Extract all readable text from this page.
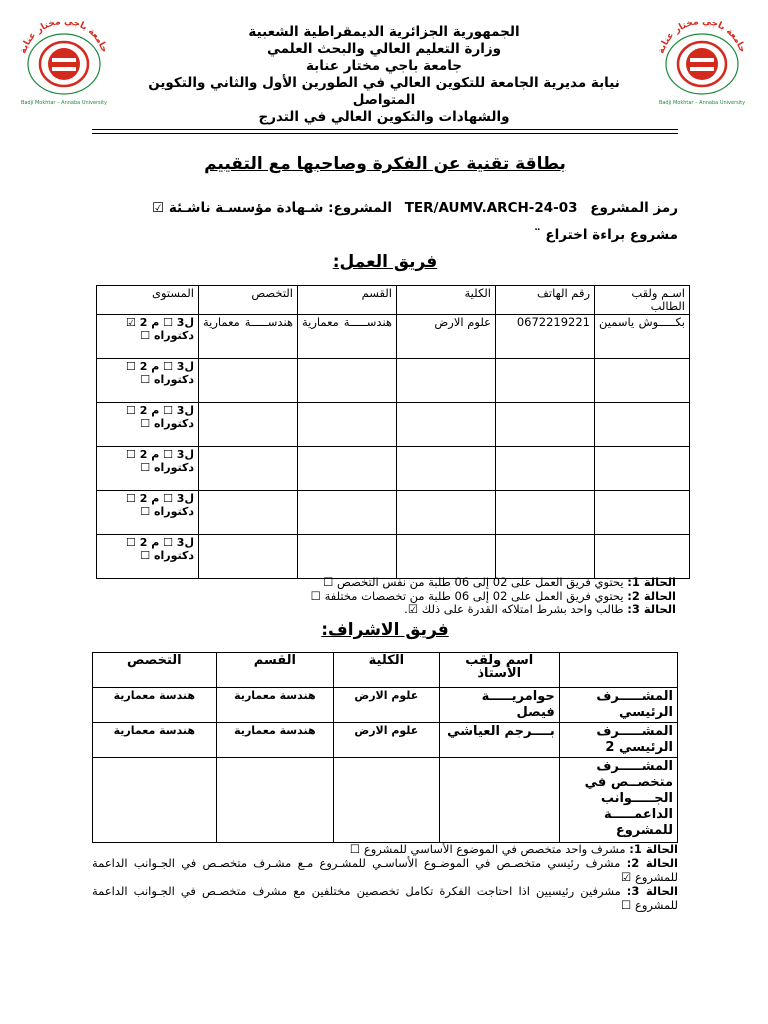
جامعة باجي مختار عنابة
Badji Mokhtar – Annaba University
جامعة باجي مختار عنابة
Badji Mokhtar – Annaba University
الجمهورية الجزائرية الديمقراطية الشعبية
وزارة التعليم العالي والبحث العلمي
جامعة باجي مختار عنابة
نيابة مديرية الجامعة للتكوين العالي في الطورين الأول والثاني والتكوين
المتواصل
والشهادات والتكوين العالي في التدرج
بطاقة تقنية عن الفكرة وصاحبها مع التقييم
رمز المشروع TER/AUMV.ARCH-24-03 المشروع: شـهادة مؤسسـة ناشـئة ☑
مشروع براءة اختراع ¨
فريق العمل:
اسـم ولقب الطالب	رقم الهاتف	الكلية	القسم	التخصص	المستوى
بكـــــوش ياسمين	0672219221	علوم الارض	هندســـــة معمارية	هندســـــة معمارية	ل3 ☐ م 2 ☑ دكتوراه ☐
					ل3 ☐ م 2 ☐ دكتوراه ☐
					ل3 ☐ م 2 ☐ دكتوراه ☐
					ل3 ☐ م 2 ☐ دكتوراه ☐
					ل3 ☐ م 2 ☐ دكتوراه ☐
					ل3 ☐ م 2 ☐ دكتوراه ☐
الحالة 1: يحتوي فريق العمل على 02 إلى 06 طلبة من نفس التخصص ☐
الحالة 2: يحتوي فريق العمل على 02 إلى 06 طلبة من تخصصات مختلفة ☐
الحالة 3: طالب واحد بشرط امتلاكه القدرة على ذلك ☑.
فريق الاشراف:
	اسم ولقب الأستاذ	الكلية	القسم	التخصص
المشـــــرف الرئيسي	حوامريـــــة فيصل	علوم الارض	هندسة معمارية	هندسة معمارية
المشـــــرف الرئيسي 2	بــــرجم العياشي	علوم الارض	هندسة معمارية	هندسة معمارية
المشـــــرف متخصــص في الجـــــوانب الداعمـــــة للمشروع				
الحالة 1: مشرف واحد متخصص في الموضوع الأساسي للمشروع ☐
الحالة 2: مشرف رئيسي متخصـص في الموضـوع الأساسـي للمشـروع مـع مشـرف متخصـص في الجـوانب الداعمة للمشروع ☑
الحالة 3: مشرفين رئيسيين اذا احتاجت الفكرة تكامل تخصصين مختلفين مع مشرف متخصـص في الجـوانب الداعمة للمشروع ☐
